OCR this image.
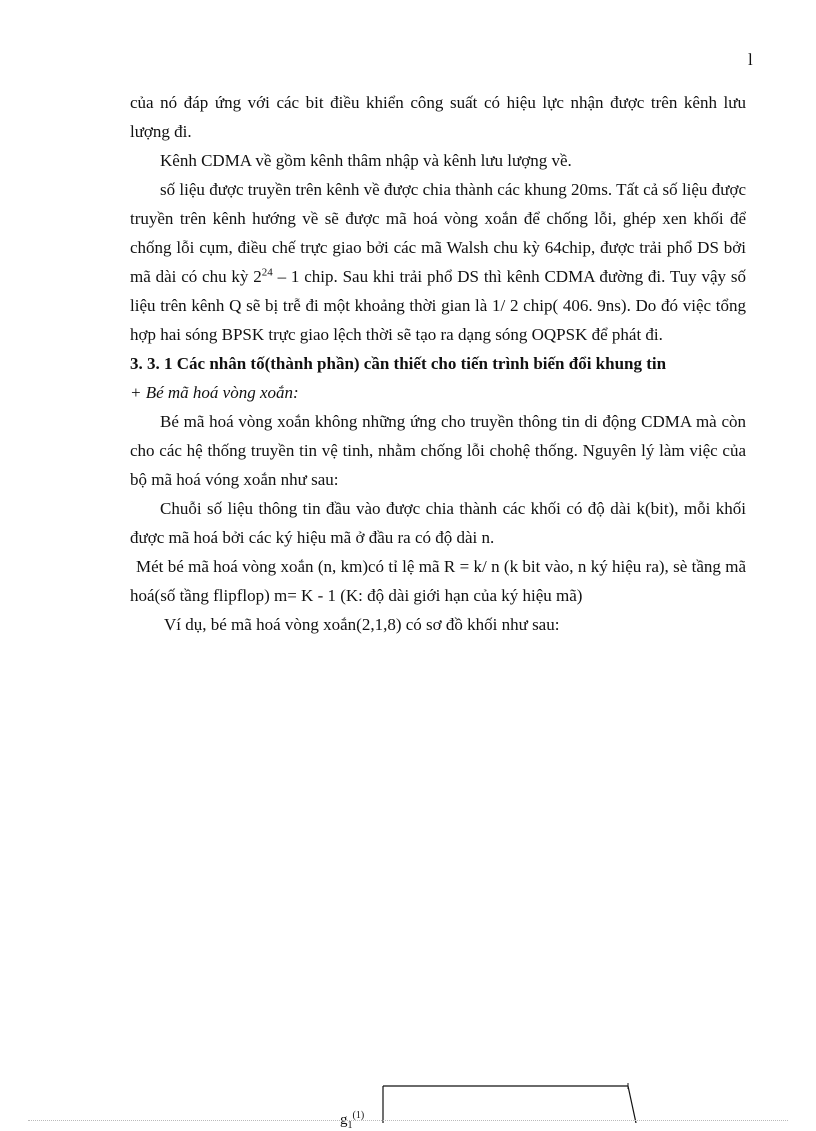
l

của nó đáp ứng với các bit điều khiển công suất có hiệu lực nhận được trên kênh lưu lượng đi.

Kênh CDMA về gồm kênh thâm nhập và kênh lưu lượng về.

số liệu được truyền trên kênh về được chia thành các khung 20ms. Tất cả số liệu được truyền trên kênh hướng về sẽ được mã hoá vòng xoắn để chống lỗi, ghép xen khối để chống lỗi cụm, điều chế trực giao bởi các mã Walsh chu kỳ 64chip, được trải phổ DS bởi mã dài có chu kỳ $2^{24} - 1$ chip. Sau khi trải phổ DS thì kênh CDMA đường đi. Tuy vậy số liệu trên kênh Q sẽ bị trễ đi một khoảng thời gian là 1/ 2 chip( 406. 9ns). Do đó việc tổng hợp hai sóng BPSK trực giao lệch thời sẽ tạo ra dạng sóng OQPSK để phát đi.

3. 3. 1 Các nhân tố(thành phần) cần thiết cho tiến trình biến đổi khung tin

+ Bé mã hoá vòng xoắn:

Bé mã hoá vòng xoắn không những ứng cho truyền thông tin di động CDMA mà còn cho các hệ thống truyền tin vệ tinh, nhằm chống lỗi chohệ thống. Nguyên lý làm việc của bộ mã hoá vóng xoắn như sau:

Chuỗi số liệu thông tin đầu vào được chia thành các khối có độ dài k(bit), mỗi khối được mã hoá bởi các ký hiệu mã ở đầu ra có độ dài n.

Mét bé mã hoá vòng xoắn (n, km)có tỉ lệ mã R = k/ n (k bit vào, n ký hiệu ra), sè tầng mã hoá(số tầng flipflop) m= K - 1 (K: độ dài giới hạn của ký hiệu mã)

Ví dụ, bé mã hoá vòng xoắn(2,1,8) có sơ đồ khối như sau:

$g_1^{(1)}$
